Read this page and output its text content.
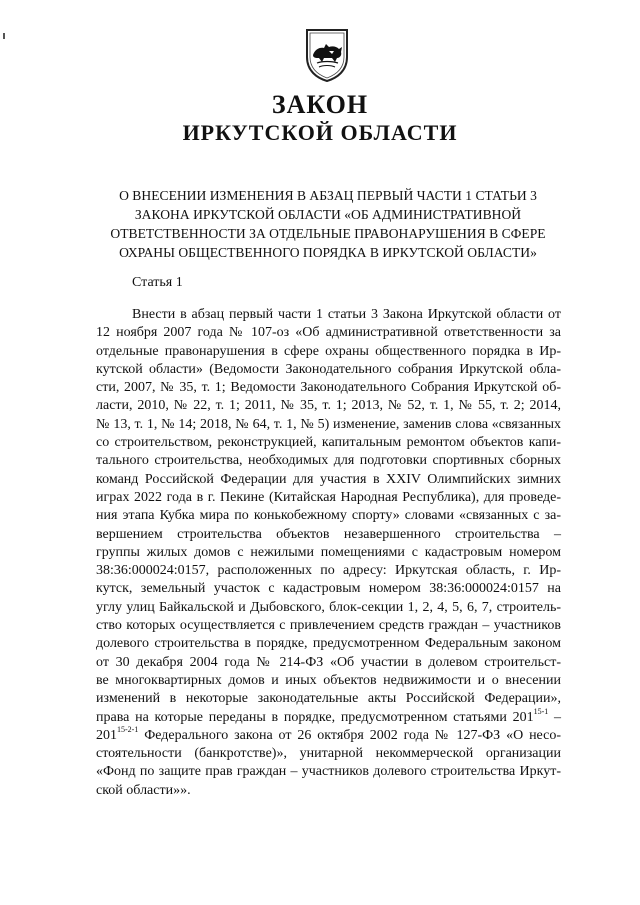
ЗАКОН
ИРКУТСКОЙ ОБЛАСТИ
О ВНЕСЕНИИ ИЗМЕНЕНИЯ В АБЗАЦ ПЕРВЫЙ ЧАСТИ 1 СТАТЬИ 3
ЗАКОНА ИРКУТСКОЙ ОБЛАСТИ «ОБ АДМИНИСТРАТИВНОЙ
ОТВЕТСТВЕННОСТИ ЗА ОТДЕЛЬНЫЕ ПРАВОНАРУШЕНИЯ В СФЕРЕ
ОХРАНЫ ОБЩЕСТВЕННОГО ПОРЯДКА В ИРКУТСКОЙ ОБЛАСТИ»

Статья 1

Внести в абзац первый части 1 статьи 3 Закона Иркутской области от
12 ноября 2007 года № 107-оз «Об административной ответственности за
отдельные правонарушения в сфере охраны общественного порядка в Ир-
кутской области» (Ведомости Законодательного собрания Иркутской обла-
сти, 2007, № 35, т. 1; Ведомости Законодательного Собрания Иркутской об-
ласти, 2010, № 22, т. 1; 2011, № 35, т. 1; 2013, № 52, т. 1, № 55, т. 2; 2014,
№ 13, т. 1, № 14; 2018, № 64, т. 1, № 5) изменение, заменив слова «связанных
со строительством, реконструкцией, капитальным ремонтом объектов капи-
тального строительства, необходимых для подготовки спортивных сборных
команд Российской Федерации для участия в XXIV Олимпийских зимних
играх 2022 года в г. Пекине (Китайская Народная Республика), для проведе-
ния этапа Кубка мира по конькобежному спорту» словами «связанных с за-
вершением строительства объектов незавершенного строительства –
группы жилых домов с нежилыми помещениями с кадастровым номером
38:36:000024:0157, расположенных по адресу: Иркутская область, г. Ир-
кутск, земельный участок с кадастровым номером 38:36:000024:0157 на
углу улиц Байкальской и Дыбовского, блок-секции 1, 2, 4, 5, 6, 7, строитель-
ство которых осуществляется с привлечением средств граждан – участников
долевого строительства в порядке, предусмотренном Федеральным законом
от 30 декабря 2004 года № 214-ФЗ «Об участии в долевом строительст-
ве многоквартирных домов и иных объектов недвижимости и о внесении
изменений в некоторые законодательные акты Российской Федерации»,
права на которые переданы в порядке, предусмотренном статьями 201$^{15-1}$ –
201$^{15-2-1}$ Федерального закона от 26 октября 2002 года № 127-ФЗ «О несо-
стоятельности (банкротстве)», унитарной некоммерческой организации
«Фонд по защите прав граждан – участников долевого строительства Иркут-
ской области»».
